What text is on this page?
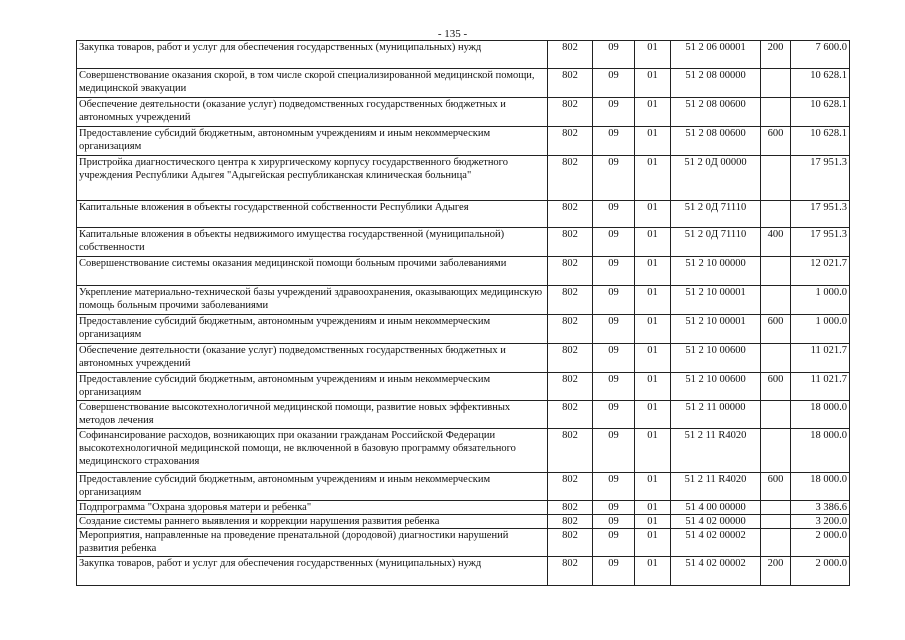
- 135 -
Закупка товаров, работ и услуг для обеспечения государственных (муниципальных) нужд	802	09	01	51 2 06 00001	200	7 600.0
Совершенствование оказания скорой, в том числе скорой специализированной медицинской помощи, медицинской эвакуации	802	09	01	51 2 08 00000		10 628.1
Обеспечение деятельности (оказание услуг) подведомственных государственных бюджетных и автономных учреждений	802	09	01	51 2 08 00600		10 628.1
Предоставление субсидий бюджетным, автономным учреждениям и иным некоммерческим организациям	802	09	01	51 2 08 00600	600	10 628.1
Пристройка диагностического центра к хирургическому корпусу государственного бюджетного учреждения Республики Адыгея "Адыгейская республиканская клиническая больница"	802	09	01	51 2 0Д 00000		17 951.3
Капитальные вложения в объекты государственной собственности Республики Адыгея	802	09	01	51 2 0Д 71110		17 951.3
Капитальные вложения в объекты недвижимого имущества государственной (муниципальной) собственности	802	09	01	51 2 0Д 71110	400	17 951.3
Совершенствование системы оказания медицинской помощи больным прочими заболеваниями	802	09	01	51 2 10 00000		12 021.7
Укрепление материально-технической базы учреждений здравоохранения, оказывающих медицинскую помощь больным прочими заболеваниями	802	09	01	51 2 10 00001		1 000.0
Предоставление субсидий бюджетным, автономным учреждениям и иным некоммерческим организациям	802	09	01	51 2 10 00001	600	1 000.0
Обеспечение деятельности (оказание услуг) подведомственных государственных бюджетных и автономных учреждений	802	09	01	51 2 10 00600		11 021.7
Предоставление субсидий бюджетным, автономным учреждениям и иным некоммерческим организациям	802	09	01	51 2 10 00600	600	11 021.7
Совершенствование высокотехнологичной медицинской помощи, развитие новых эффективных методов лечения	802	09	01	51 2 11 00000		18 000.0
Софинансирование расходов, возникающих при оказании гражданам Российской Федерации высокотехнологичной медицинской помощи, не включенной в базовую программу обязательного медицинского страхования	802	09	01	51 2 11 R4020		18 000.0
Предоставление субсидий бюджетным, автономным учреждениям и иным некоммерческим организациям	802	09	01	51 2 11 R4020	600	18 000.0
Подпрограмма "Охрана здоровья матери и ребенка"	802	09	01	51 4 00 00000		3 386.6
Создание системы раннего выявления и коррекции нарушения развития ребенка	802	09	01	51 4 02 00000		3 200.0
Мероприятия, направленные на проведение пренатальной (дородовой) диагностики нарушений развития ребенка	802	09	01	51 4 02 00002		2 000.0
Закупка товаров, работ и услуг для обеспечения государственных (муниципальных) нужд	802	09	01	51 4 02 00002	200	2 000.0
